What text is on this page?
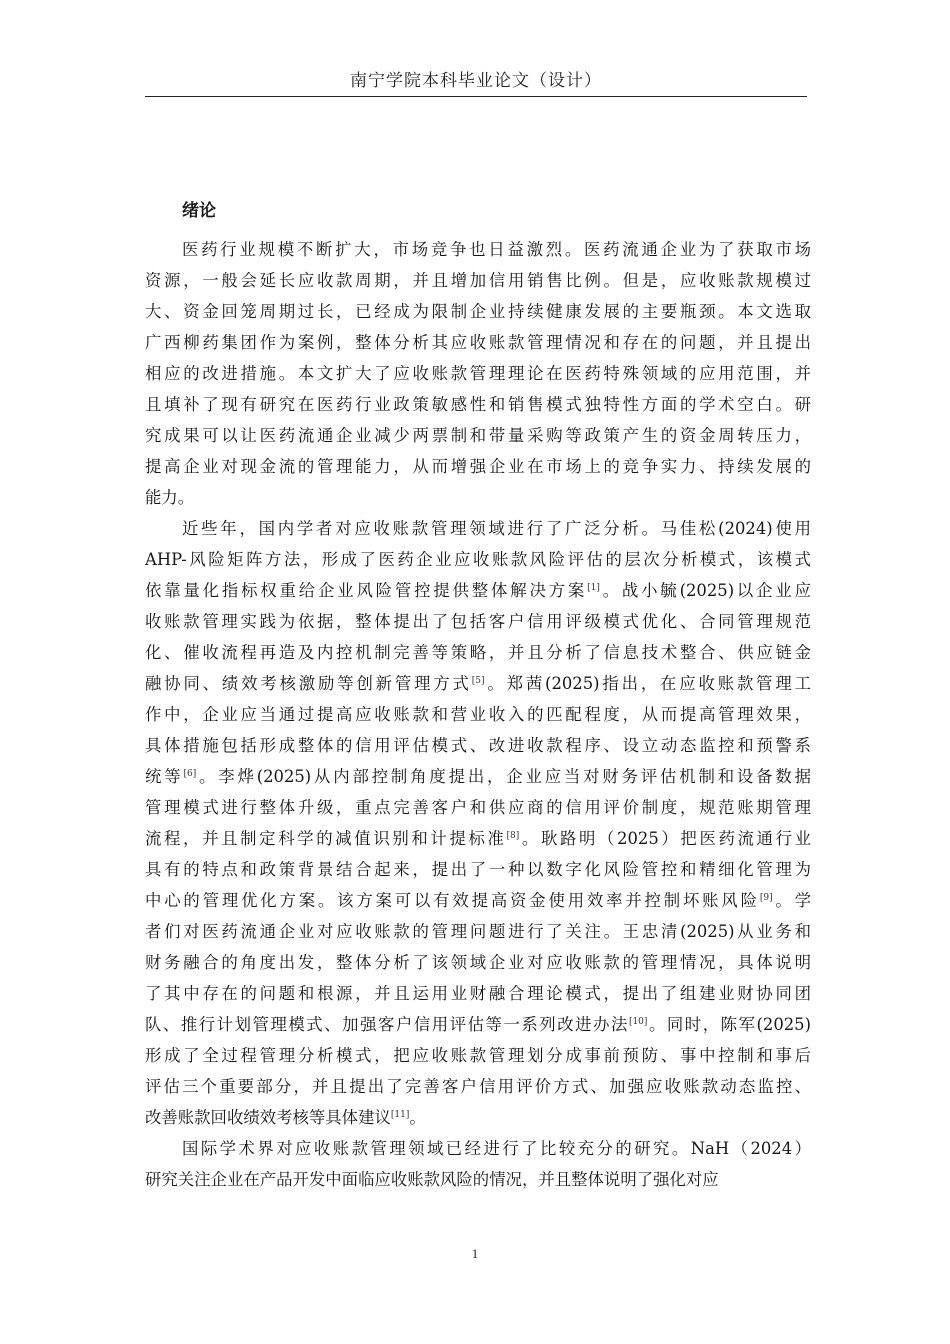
南宁学院本科毕业论文（设计）
绪论
医药行业规模不断扩大，市场竞争也日益激烈。医药流通企业为了获取市场
资源，一般会延长应收款周期，并且增加信用销售比例。但是，应收账款规模过
大、资金回笼周期过长，已经成为限制企业持续健康发展的主要瓶颈。本文选取
广西柳药集团作为案例，整体分析其应收账款管理情况和存在的问题，并且提出
相应的改进措施。本文扩大了应收账款管理理论在医药特殊领域的应用范围，并
且填补了现有研究在医药行业政策敏感性和销售模式独特性方面的学术空白。研
究成果可以让医药流通企业减少两票制和带量采购等政策产生的资金周转压力，
提高企业对现金流的管理能力，从而增强企业在市场上的竞争实力、持续发展的
能力。
近些年，国内学者对应收账款管理领域进行了广泛分析。马佳松(2024)使用
AHP-风险矩阵方法，形成了医药企业应收账款风险评估的层次分析模式，该模式
依靠量化指标权重给企业风险管控提供整体解决方案[1]。战小毓(2025)以企业应
收账款管理实践为依据，整体提出了包括客户信用评级模式优化、合同管理规范
化、催收流程再造及内控机制完善等策略，并且分析了信息技术整合、供应链金
融协同、绩效考核激励等创新管理方式[5]。郑茜(2025)指出，在应收账款管理工
作中，企业应当通过提高应收账款和营业收入的匹配程度，从而提高管理效果，
具体措施包括形成整体的信用评估模式、改进收款程序、设立动态监控和预警系
统等[6]。李烨(2025)从内部控制角度提出，企业应当对财务评估机制和设备数据
管理模式进行整体升级，重点完善客户和供应商的信用评价制度，规范账期管理
流程，并且制定科学的减值识别和计提标准[8]。耿路明（2025）把医药流通行业
具有的特点和政策背景结合起来，提出了一种以数字化风险管控和精细化管理为
中心的管理优化方案。该方案可以有效提高资金使用效率并控制坏账风险[9]。学
者们对医药流通企业对应收账款的管理问题进行了关注。王忠清(2025)从业务和
财务融合的角度出发，整体分析了该领域企业对应收账款的管理情况，具体说明
了其中存在的问题和根源，并且运用业财融合理论模式，提出了组建业财协同团
队、推行计划管理模式、加强客户信用评估等一系列改进办法[10]。同时，陈军(2025)
形成了全过程管理分析模式，把应收账款管理划分成事前预防、事中控制和事后
评估三个重要部分，并且提出了完善客户信用评价方式、加强应收账款动态监控、
改善账款回收绩效考核等具体建议[11]。
国际学术界对应收账款管理领域已经进行了比较充分的研究。NaH（2024）
研究关注企业在产品开发中面临应收账款风险的情况，并且整体说明了强化对应
1
